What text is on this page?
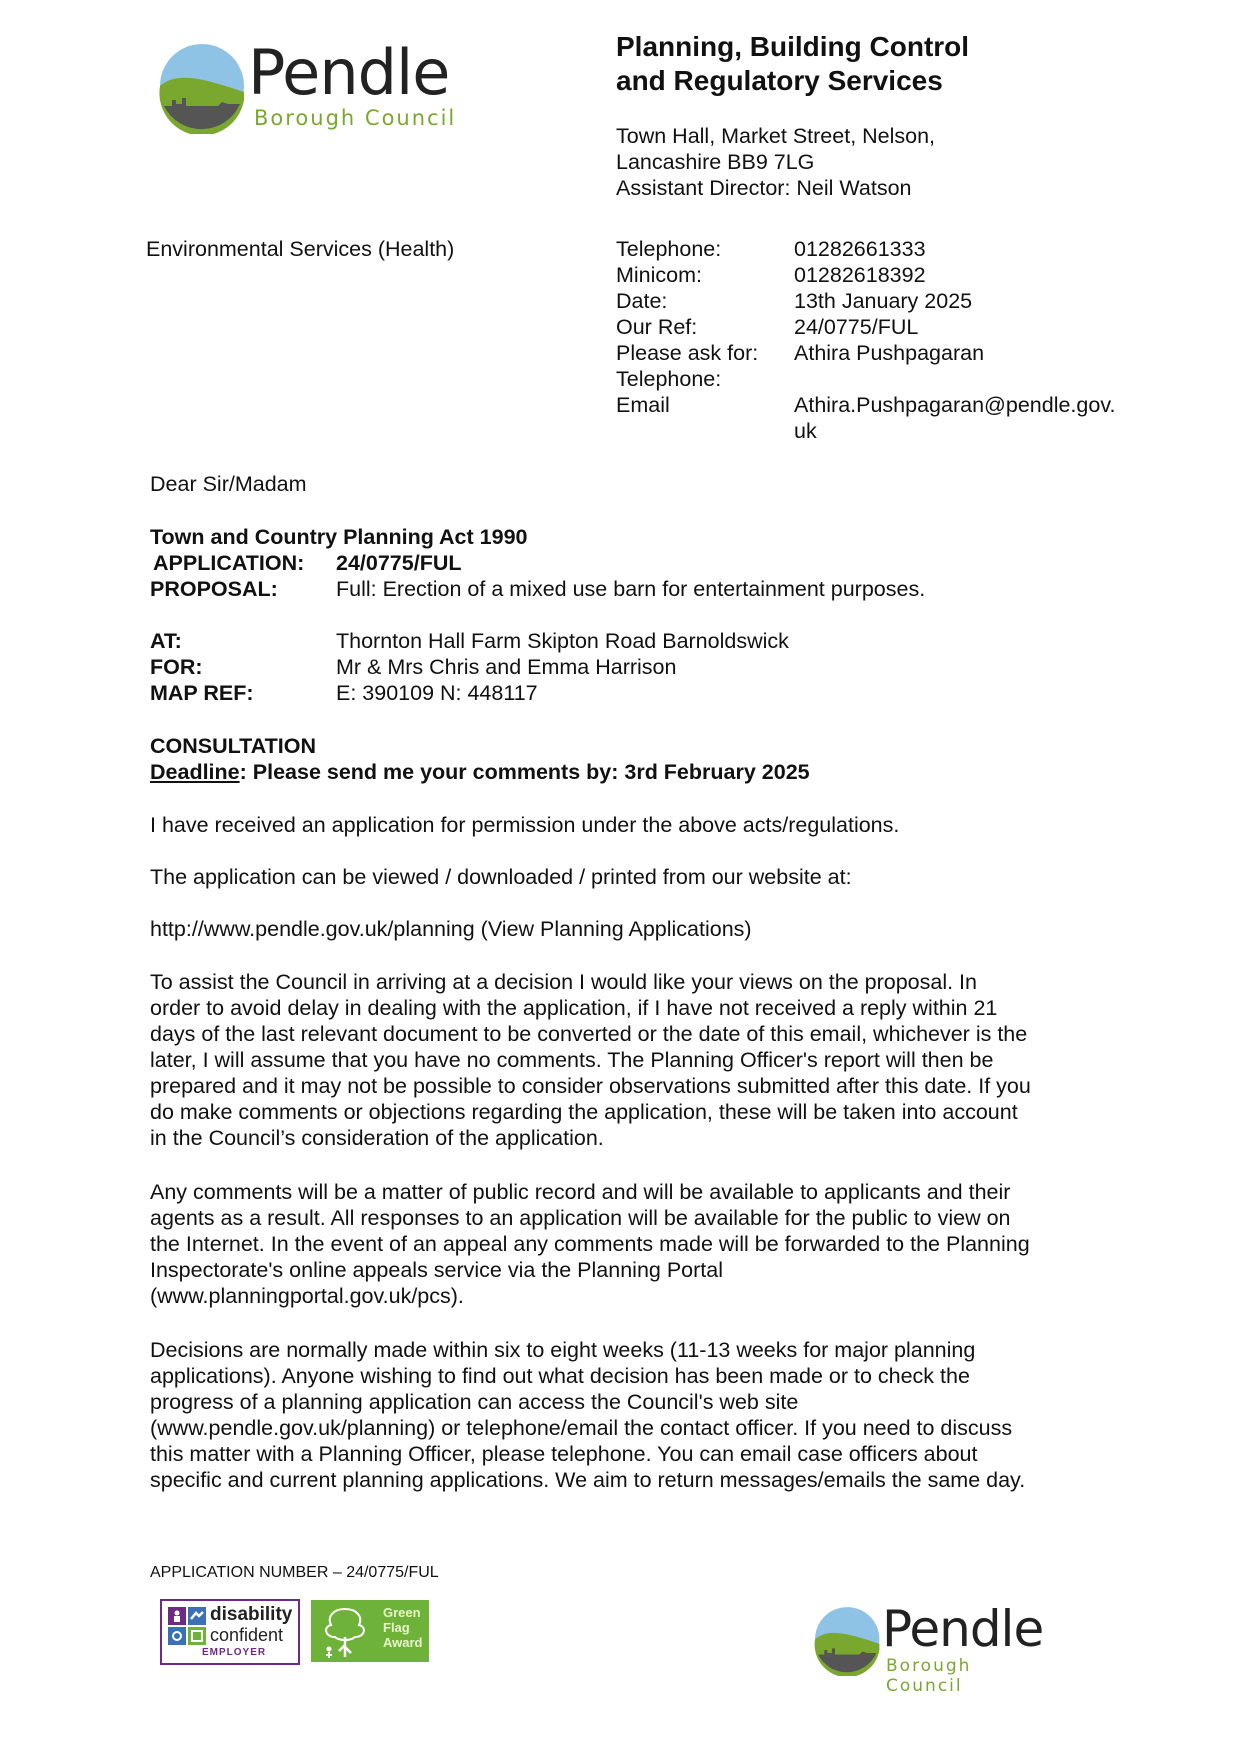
Pendle
Borough Council
Planning, Building Control
and Regulatory Services
Town Hall, Market Street, Nelson,
Lancashire BB9 7LG
Assistant Director: Neil Watson
Environmental Services (Health)	Telephone:	01282661333
Minicom:	01282618392
Date:	13th January 2025
Our Ref:	24/0775/FUL
Please ask for: Athira Pushpagaran
Telephone:
Email	Athira.Pushpagaran@pendle.gov.
uk
Dear Sir/Madam
Town and Country Planning Act 1990
APPLICATION: 24/0775/FUL
PROPOSAL:	Full: Erection of a mixed use barn for entertainment purposes.
AT:	Thornton Hall Farm Skipton Road Barnoldswick
FOR:	Mr & Mrs Chris and Emma Harrison
MAP REF:	E: 390109 N: 448117
CONSULTATION
Deadline: Please send me your comments by: 3rd February 2025
I have received an application for permission under the above acts/regulations.
The application can be viewed / downloaded / printed from our website at:
http://www.pendle.gov.uk/planning (View Planning Applications)
To assist the Council in arriving at a decision I would like your views on the proposal. In
order to avoid delay in dealing with the application, if I have not received a reply within 21
days of the last relevant document to be converted or the date of this email, whichever is the
later, I will assume that you have no comments. The Planning Officer's report will then be
prepared and it may not be possible to consider observations submitted after this date. If you
do make comments or objections regarding the application, these will be taken into account
in the Council’s consideration of the application.
Any comments will be a matter of public record and will be available to applicants and their
agents as a result. All responses to an application will be available for the public to view on
the Internet. In the event of an appeal any comments made will be forwarded to the Planning
Inspectorate's online appeals service via the Planning Portal
(www.planningportal.gov.uk/pcs).
Decisions are normally made within six to eight weeks (11-13 weeks for major planning
applications). Anyone wishing to find out what decision has been made or to check the
progress of a planning application can access the Council's web site
(www.pendle.gov.uk/planning) or telephone/email the contact officer. If you need to discuss
this matter with a Planning Officer, please telephone. You can email case officers about
specific and current planning applications. We aim to return messages/emails the same day.
APPLICATION NUMBER – 24/0775/FUL
disability
confident
EMPLOYER
Green
Flag
Award	Pendle
Borough Council
